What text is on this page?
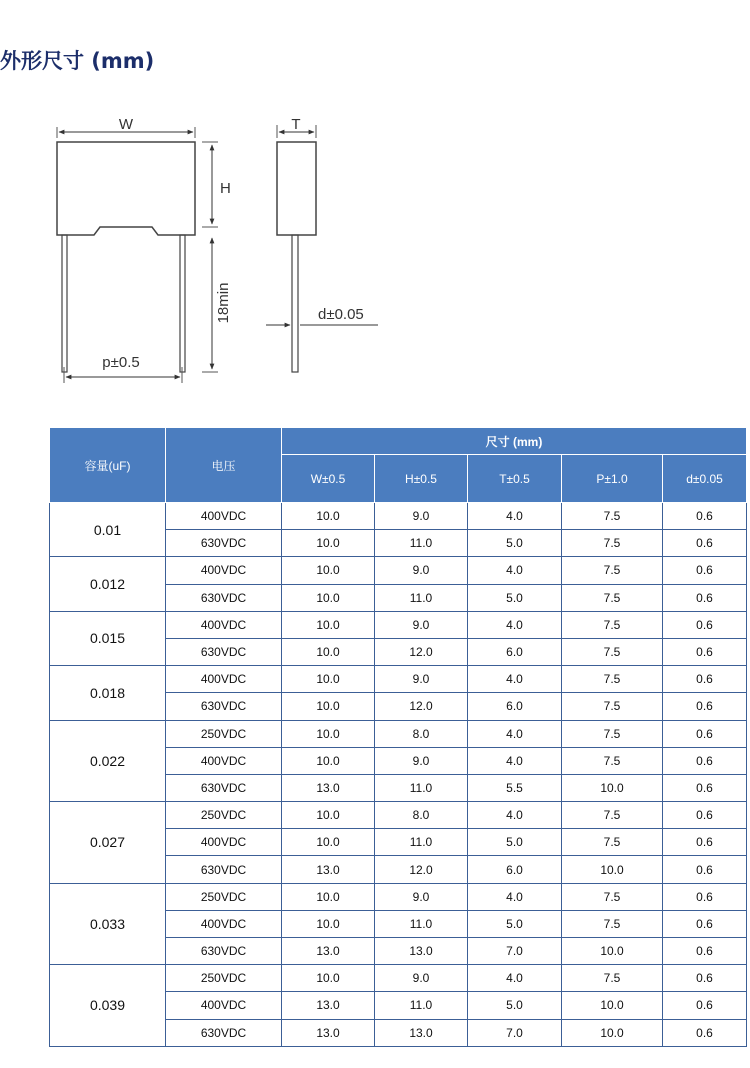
外形尺寸 (mm)
W
H
18min
p±0.5
T
d±0.05
容量(uF)	电压	尺寸 (mm)				
		W±0.5	H±0.5	T±0.5	P±1.0	d±0.05
0.01	400VDC	10.0	9.0	4.0	7.5	0.6
	630VDC	10.0	11.0	5.0	7.5	0.6
0.012	400VDC	10.0	9.0	4.0	7.5	0.6
	630VDC	10.0	11.0	5.0	7.5	0.6
0.015	400VDC	10.0	9.0	4.0	7.5	0.6
	630VDC	10.0	12.0	6.0	7.5	0.6
0.018	400VDC	10.0	9.0	4.0	7.5	0.6
	630VDC	10.0	12.0	6.0	7.5	0.6
0.022	250VDC	10.0	8.0	4.0	7.5	0.6
	400VDC	10.0	9.0	4.0	7.5	0.6
	630VDC	13.0	11.0	5.5	10.0	0.6
0.027	250VDC	10.0	8.0	4.0	7.5	0.6
	400VDC	10.0	11.0	5.0	7.5	0.6
	630VDC	13.0	12.0	6.0	10.0	0.6
0.033	250VDC	10.0	9.0	4.0	7.5	0.6
	400VDC	10.0	11.0	5.0	7.5	0.6
	630VDC	13.0	13.0	7.0	10.0	0.6
0.039	250VDC	10.0	9.0	4.0	7.5	0.6
	400VDC	13.0	11.0	5.0	10.0	0.6
	630VDC	13.0	13.0	7.0	10.0	0.6
